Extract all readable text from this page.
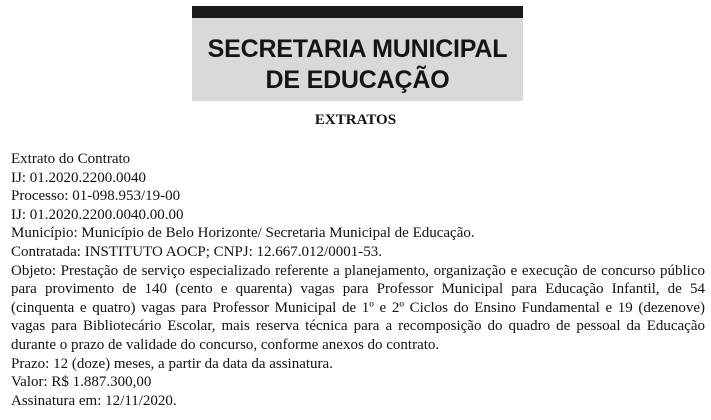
SECRETARIA MUNICIPAL
DE EDUCAÇÃO
EXTRATOS

Extrato do Contrato

IJ: 01.2020.2200.0040

Processo: 01-098.953/19-00

IJ: 01.2020.2200.0040.00.00

Município: Município de Belo Horizonte/ Secretaria Municipal de Educação.

Contratada: INSTITUTO AOCP; CNPJ: 12.667.012/0001-53.

Objeto: Prestação de serviço especializado referente a planejamento, organização e execução de concurso público para provimento de 140 (cento e quarenta) vagas para Professor Municipal para Educação Infantil, de 54 (cinquenta e quatro) vagas para Professor Municipal de 1º e 2º Ciclos do Ensino Fundamental e 19 (dezenove) vagas para Bibliotecário Escolar, mais reserva técnica para a recomposição do quadro de pessoal da Educação durante o prazo de validade do concurso, conforme anexos do contrato.

Prazo: 12 (doze) meses, a partir da data da assinatura.

Valor: R$ 1.887.300,00

Assinatura em: 12/11/2020.
